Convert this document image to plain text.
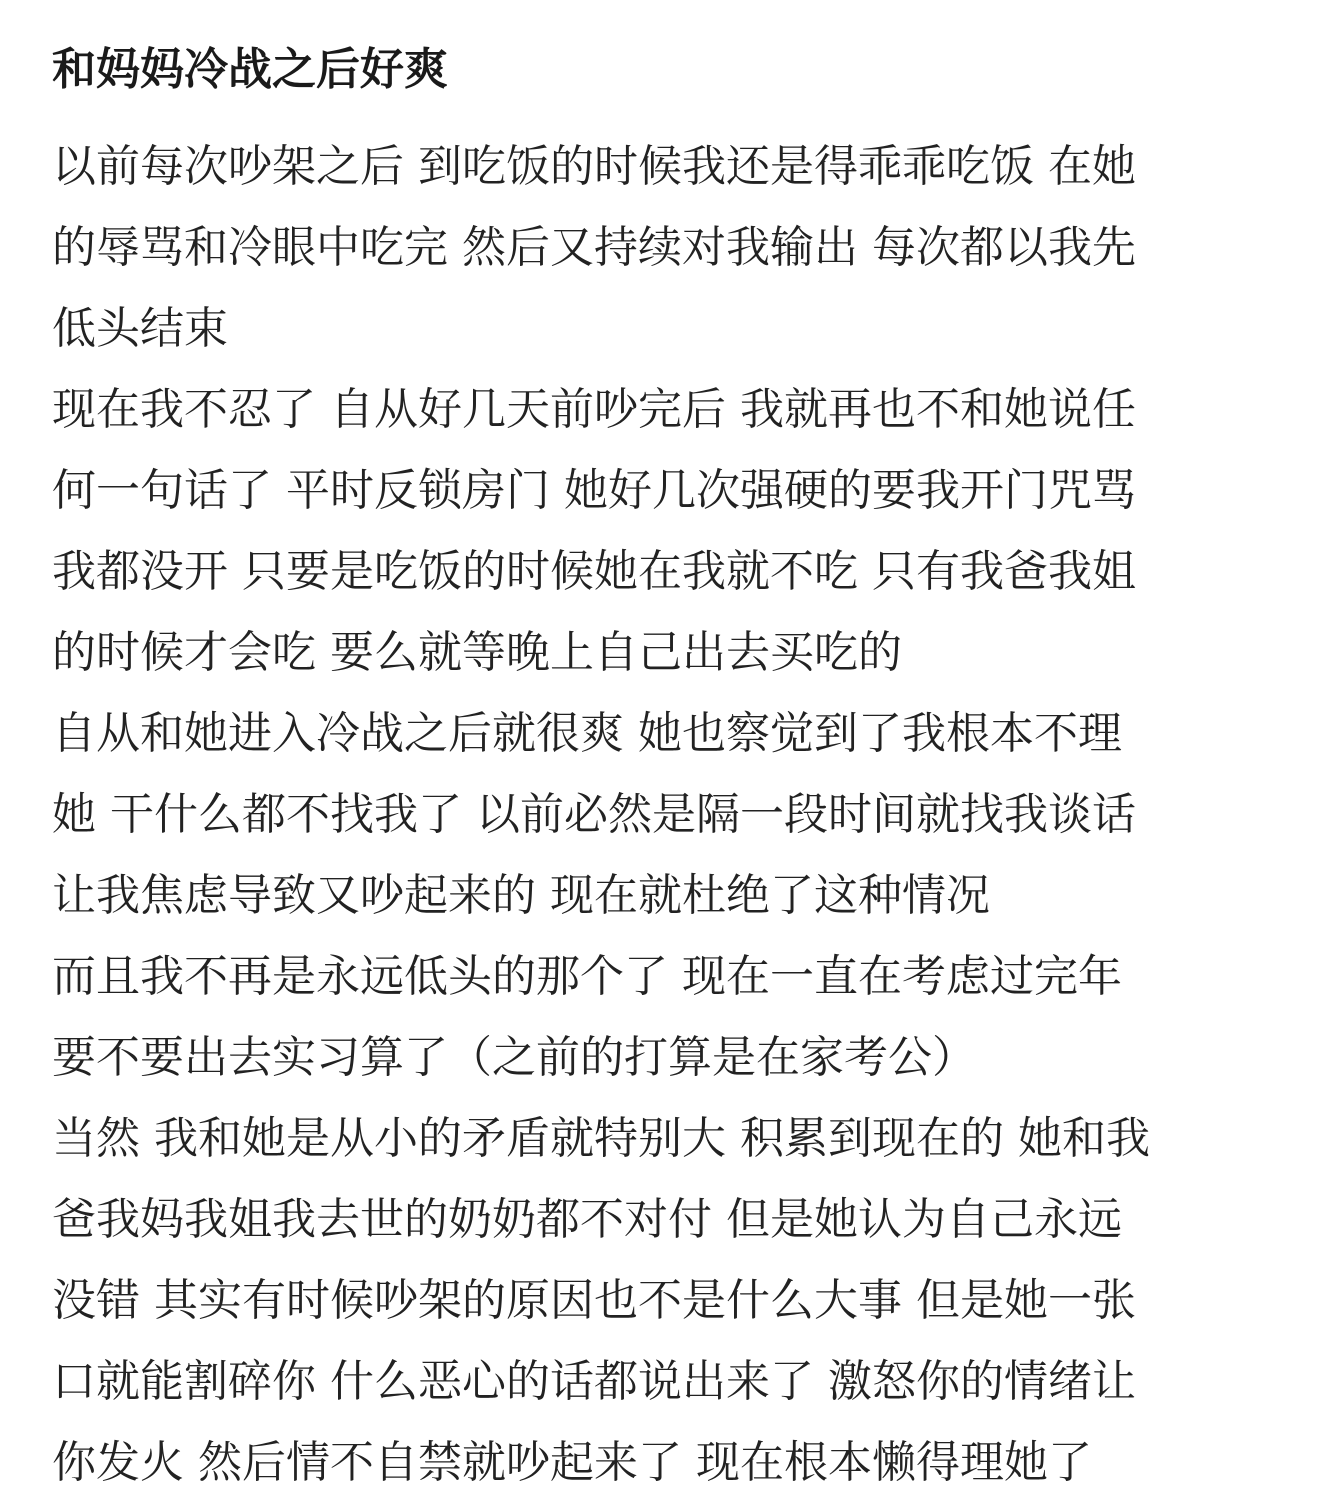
和妈妈冷战之后好爽
以前每次吵架之后 到吃饭的时候我还是得乖乖吃饭 在她
的辱骂和冷眼中吃完 然后又持续对我输出 每次都以我先
低头结束
现在我不忍了 自从好几天前吵完后 我就再也不和她说任
何一句话了 平时反锁房门 她好几次强硬的要我开门咒骂
我都没开 只要是吃饭的时候她在我就不吃 只有我爸我姐
的时候才会吃 要么就等晚上自己出去买吃的
自从和她进入冷战之后就很爽 她也察觉到了我根本不理
她 干什么都不找我了 以前必然是隔一段时间就找我谈话
让我焦虑导致又吵起来的 现在就杜绝了这种情况
而且我不再是永远低头的那个了 现在一直在考虑过完年
要不要出去实习算了（之前的打算是在家考公）
当然 我和她是从小的矛盾就特别大 积累到现在的 她和我
爸我妈我姐我去世的奶奶都不对付 但是她认为自己永远
没错 其实有时候吵架的原因也不是什么大事 但是她一张
口就能割碎你 什么恶心的话都说出来了 激怒你的情绪让
你发火 然后情不自禁就吵起来了 现在根本懒得理她了
